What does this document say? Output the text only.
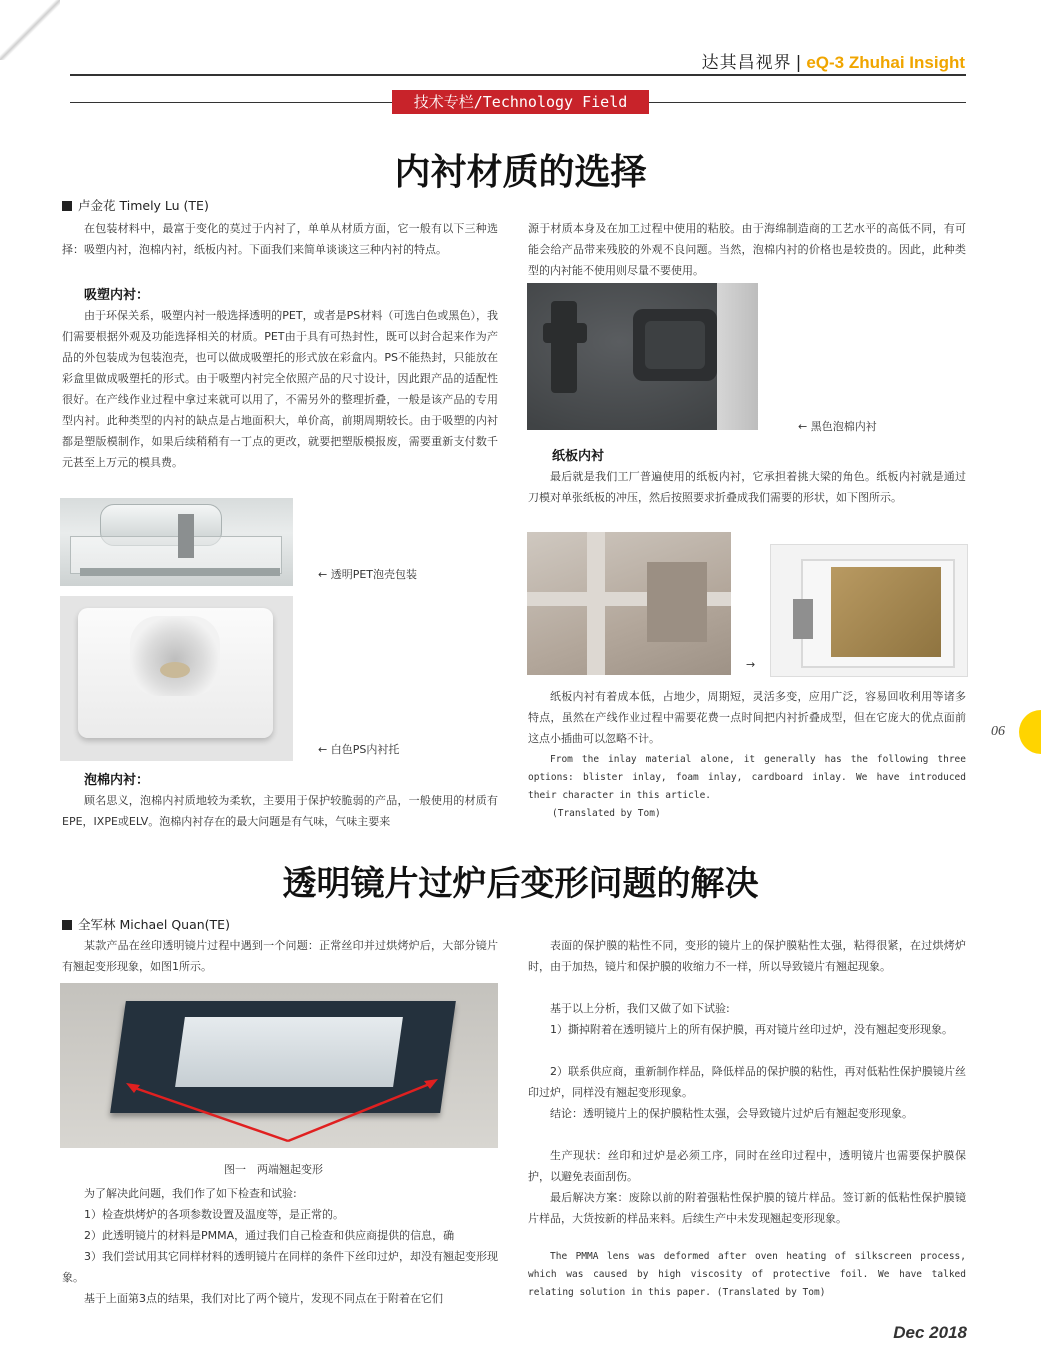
达其昌视界 | eQ-3 Zhuhai Insight
技术专栏/Technology Field
内衬材质的选择
卢金花 Timely Lu (TE)
在包装材料中，最富于变化的莫过于内衬了，单单从材质方面，它一般有以下三种选择：吸塑内衬，泡棉内衬，纸板内衬。下面我们来简单谈谈这三种内衬的特点。
吸塑内衬：
由于环保关系，吸塑内衬一般选择透明的PET，或者是PS材料（可选白色或黑色），我们需要根据外观及功能选择相关的材质。PET由于具有可热封性，既可以封合起来作为产品的外包装成为包装泡壳，也可以做成吸塑托的形式放在彩盒内。PS不能热封，只能放在彩盒里做成吸塑托的形式。由于吸塑内衬完全依照产品的尺寸设计，因此跟产品的适配性很好。在产线作业过程中拿过来就可以用了，不需另外的整理折叠，一般是该产品的专用型内衬。此种类型的内衬的缺点是占地面积大，单价高，前期周期较长。由于吸塑的内衬都是塑版模制作，如果后续稍稍有一丁点的更改，就要把塑版模报废，需要重新支付数千元甚至上万元的模具费。
← 透明PET泡壳包装
← 白色PS内衬托
泡棉内衬：
顾名思义，泡棉内衬质地较为柔软，主要用于保护较脆弱的产品，一般使用的材质有EPE，IXPE或ELV。泡棉内衬存在的最大问题是有气味，气味主要来
源于材质本身及在加工过程中使用的粘胶。由于海绵制造商的工艺水平的高低不同，有可能会给产品带来残胶的外观不良问题。当然，泡棉内衬的价格也是较贵的。因此，此种类型的内衬能不使用则尽量不要使用。
← 黑色泡棉内衬
纸板内衬
最后就是我们工厂普遍使用的纸板内衬，它承担着挑大梁的角色。纸板内衬就是通过刀模对单张纸板的冲压，然后按照要求折叠成我们需要的形状，如下图所示。
→
纸板内衬有着成本低，占地少，周期短，灵活多变，应用广泛，容易回收利用等诸多特点，虽然在产线作业过程中需要花费一点时间把内衬折叠成型，但在它庞大的优点面前这点小插曲可以忽略不计。
From the inlay material alone, it generally has the following three options: blister inlay, foam inlay, cardboard inlay. We have introduced their character in this article.
(Translated by Tom)
透明镜片过炉后变形问题的解决
全军林 Michael Quan(TE)
某款产品在丝印透明镜片过程中遇到一个问题：正常丝印并过烘烤炉后，大部分镜片有翘起变形现象，如图1所示。
图一　两端翘起变形
为了解决此问题，我们作了如下检查和试验:
1）检查烘烤炉的各项参数设置及温度等，是正常的。
2）此透明镜片的材料是PMMA，通过我们自己检查和供应商提供的信息，确
3）我们尝试用其它同样材料的透明镜片在同样的条件下丝印过炉，却没有翘起变形现象。
基于上面第3点的结果，我们对比了两个镜片，发现不同点在于附着在它们
表面的保护膜的粘性不同，变形的镜片上的保护膜粘性太强，粘得很紧，在过烘烤炉时，由于加热，镜片和保护膜的收缩力不一样，所以导致镜片有翘起现象。
基于以上分析，我们又做了如下试验:
1）撕掉附着在透明镜片上的所有保护膜，再对镜片丝印过炉，没有翘起变形现象。
2）联系供应商，重新制作样品，降低样品的保护膜的粘性，再对低粘性保护膜镜片丝印过炉，同样没有翘起变形现象。
结论：透明镜片上的保护膜粘性太强，会导致镜片过炉后有翘起变形现象。
生产现状：丝印和过炉是必须工序，同时在丝印过程中，透明镜片也需要保护膜保护，以避免表面刮伤。
最后解决方案：废除以前的附着强粘性保护膜的镜片样品。签订新的低粘性保护膜镜片样品，大货按新的样品来料。后续生产中未发现翘起变形现象。
The PMMA lens was deformed after oven heating of silkscreen process, which was caused by high viscosity of protective foil. We have talked relating solution in this paper. (Translated by Tom)
06
Dec 2018
